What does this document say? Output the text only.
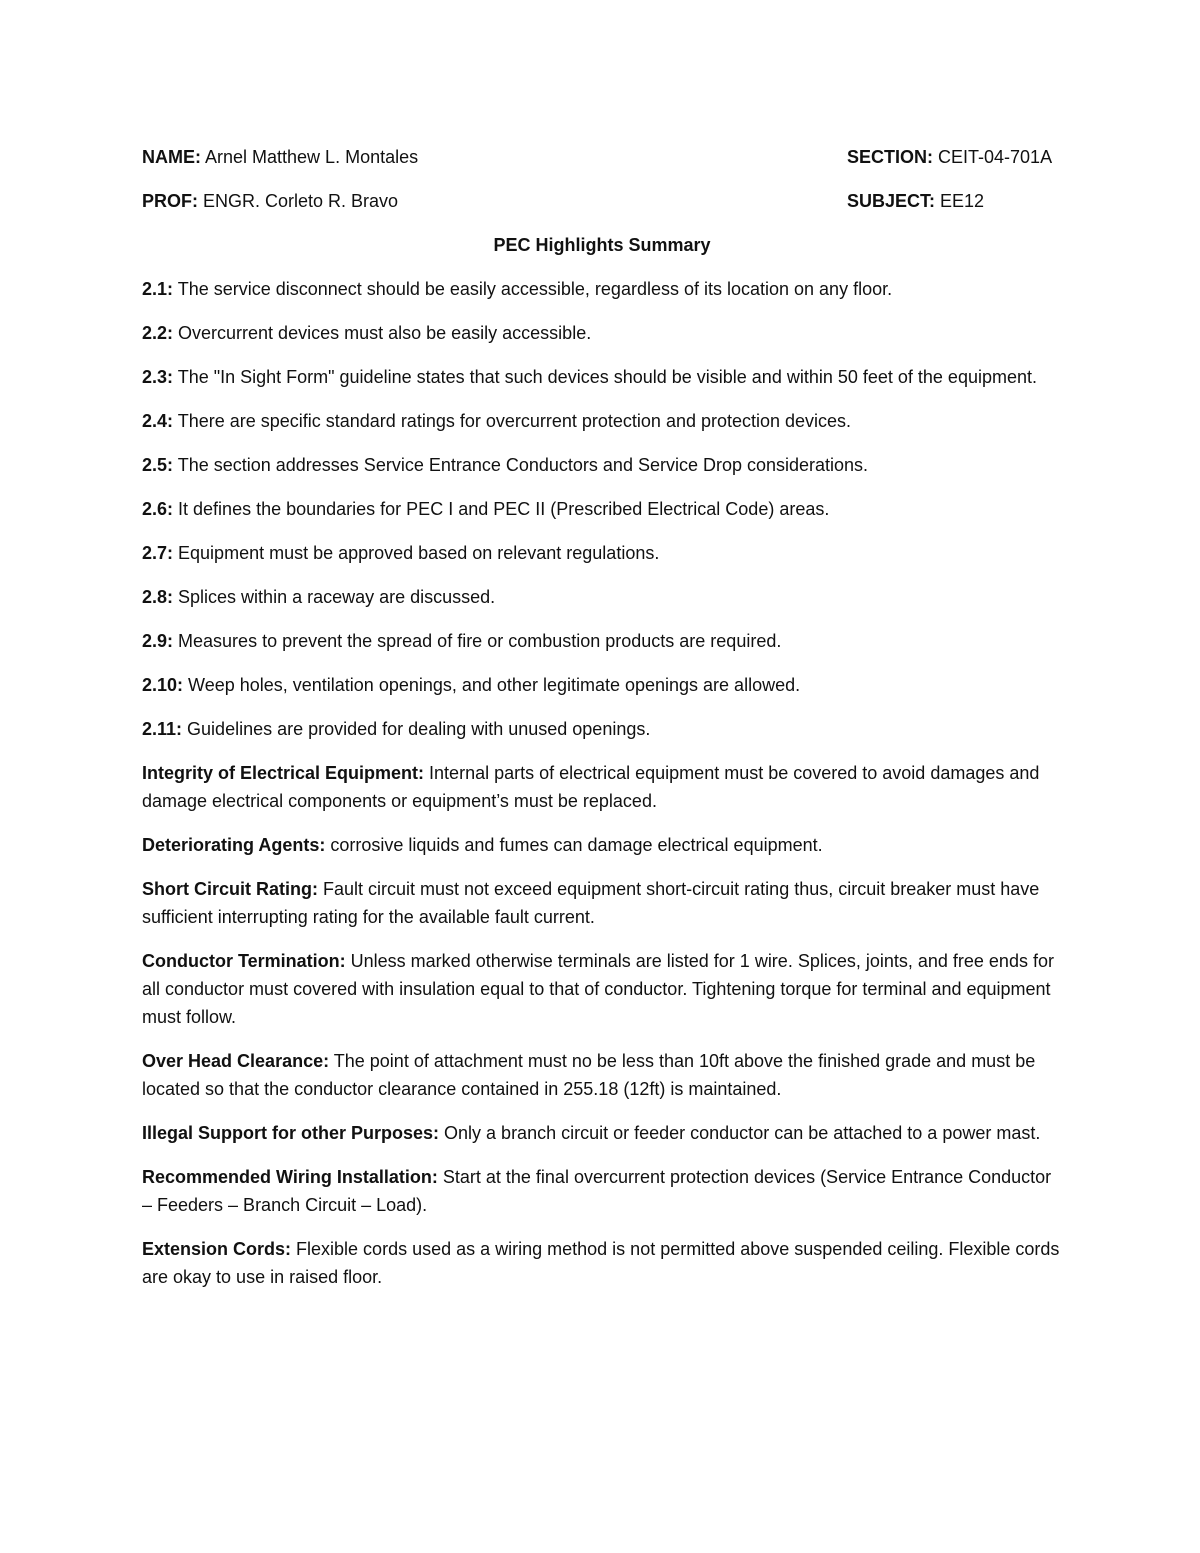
NAME: Arnel Matthew L. Montales	SECTION: CEIT-04-701A
PROF: ENGR. Corleto R. Bravo	SUBJECT: EE12
PEC Highlights Summary

2.1: The service disconnect should be easily accessible, regardless of its location on any floor.

2.2: Overcurrent devices must also be easily accessible.

2.3: The "In Sight Form" guideline states that such devices should be visible and within 50 feet of the equipment.

2.4: There are specific standard ratings for overcurrent protection and protection devices.

2.5: The section addresses Service Entrance Conductors and Service Drop considerations.

2.6: It defines the boundaries for PEC I and PEC II (Prescribed Electrical Code) areas.

2.7: Equipment must be approved based on relevant regulations.

2.8: Splices within a raceway are discussed.

2.9: Measures to prevent the spread of fire or combustion products are required.

2.10: Weep holes, ventilation openings, and other legitimate openings are allowed.

2.11: Guidelines are provided for dealing with unused openings.

Integrity of Electrical Equipment: Internal parts of electrical equipment must be covered to avoid damages and damage electrical components or equipment’s must be replaced.

Deteriorating Agents: corrosive liquids and fumes can damage electrical equipment.

Short Circuit Rating: Fault circuit must not exceed equipment short-circuit rating thus, circuit breaker must have sufficient interrupting rating for the available fault current.

Conductor Termination: Unless marked otherwise terminals are listed for 1 wire. Splices, joints, and free ends for all conductor must covered with insulation equal to that of conductor. Tightening torque for terminal and equipment must follow.

Over Head Clearance: The point of attachment must no be less than 10ft above the finished grade and must be located so that the conductor clearance contained in 255.18 (12ft) is maintained.

Illegal Support for other Purposes: Only a branch circuit or feeder conductor can be attached to a power mast.

Recommended Wiring Installation: Start at the final overcurrent protection devices (Service Entrance Conductor – Feeders – Branch Circuit – Load).

Extension Cords: Flexible cords used as a wiring method is not permitted above suspended ceiling. Flexible cords are okay to use in raised floor.
